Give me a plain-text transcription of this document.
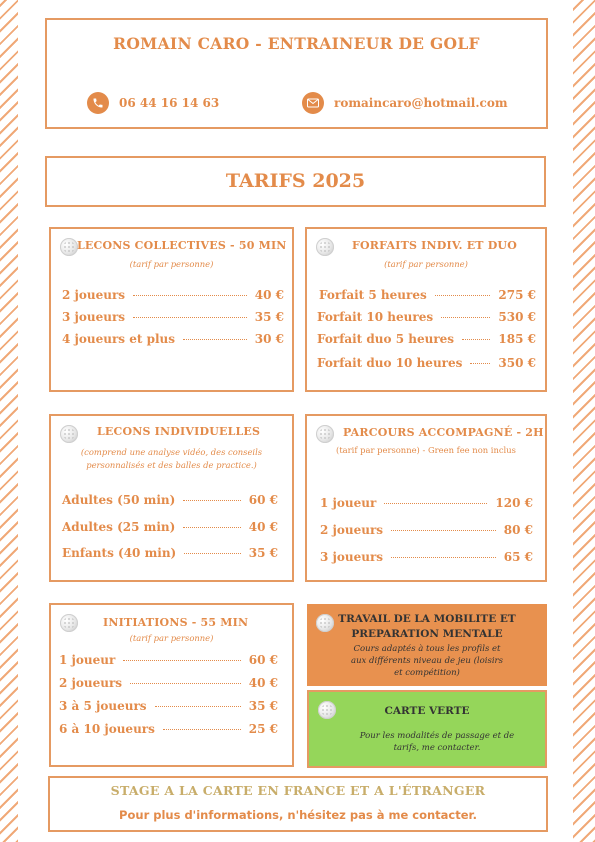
ROMAIN CARO - ENTRAINEUR DE GOLF
06 44 16 14 63	romaincaro@hotmail.com
TARIFS 2025
LECONS COLLECTIVES - 50 MIN
(tarif par personne)
2 joueurs	40 €
3 joueurs	35 €
4 joueurs et plus	30 €
FORFAITS INDIV. ET DUO
(tarif par personne)
Forfait 5 heures	275 €
Forfait 10 heures	530 €
Forfait duo 5 heures	185 €
Forfait duo 10 heures	350 €
LECONS INDIVIDUELLES
(comprend une analyse vidéo, des conseils
personnalisés et des balles de practice.)
Adultes (50 min)	60 €
Adultes (25 min)	40 €
Enfants (40 min)	35 €
PARCOURS ACCOMPAGNÉ - 2H
(tarif par personne) - Green fee non inclus
1 joueur	120 €
2 joueurs	80 €
3 joueurs	65 €
INITIATIONS - 55 MIN
(tarif par personne)
1 joueur	60 €
2 joueurs	40 €
3 à 5 joueurs	35 €
6 à 10 joueurs	25 €
TRAVAIL DE LA MOBILITE ET
PREPARATION MENTALE
Cours adaptés à tous les profils et
aux différents niveau de jeu (loisirs
et compétition)
CARTE VERTE
Pour les modalités de passage et de
tarifs, me contacter.
STAGE A LA CARTE EN FRANCE ET A L'ÉTRANGER
Pour plus d'informations, n'hésitez pas à me contacter.
